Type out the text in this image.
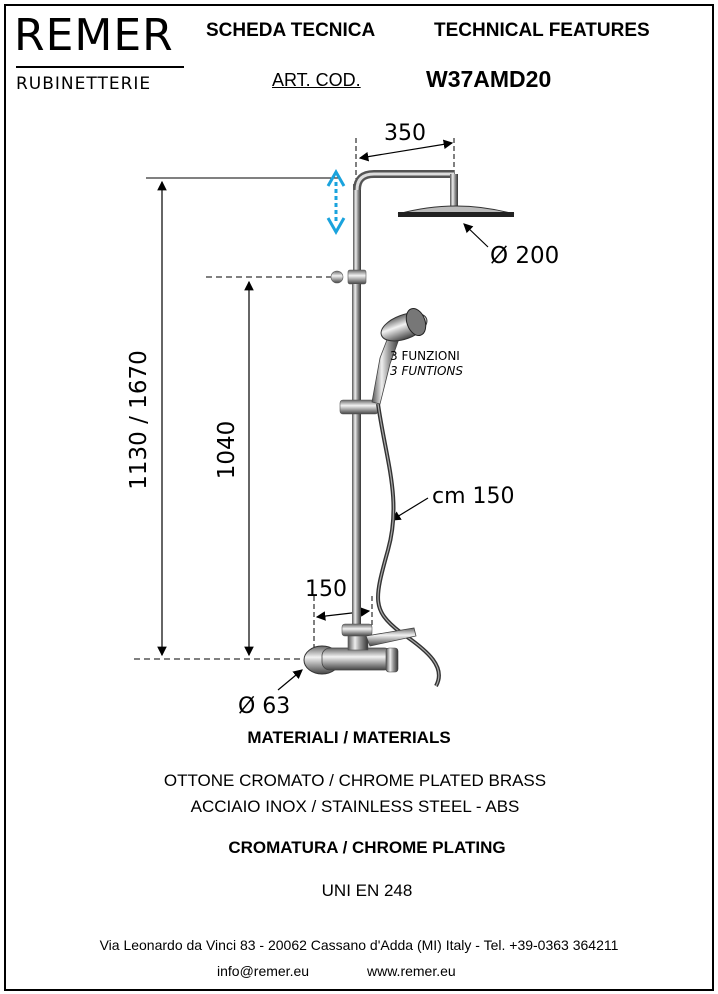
REMER
RUBINETTERIE
SCHEDA TECNICA	TECHNICAL FEATURES
ART. COD.	W37AMD20
350
Ø 200
1130 / 1670	1040
cm 150
150
Ø 63
3 FUNZIONI
3 FUNTIONS
MATERIALI / MATERIALS
OTTONE CROMATO / CHROME PLATED BRASS
ACCIAIO INOX / STAINLESS STEEL - ABS
CROMATURA / CHROME PLATING
UNI EN 248
Via Leonardo da Vinci 83 - 20062 Cassano d'Adda (MI) Italy - Tel. +39-0363 364211
info@remer.eu	www.remer.eu
